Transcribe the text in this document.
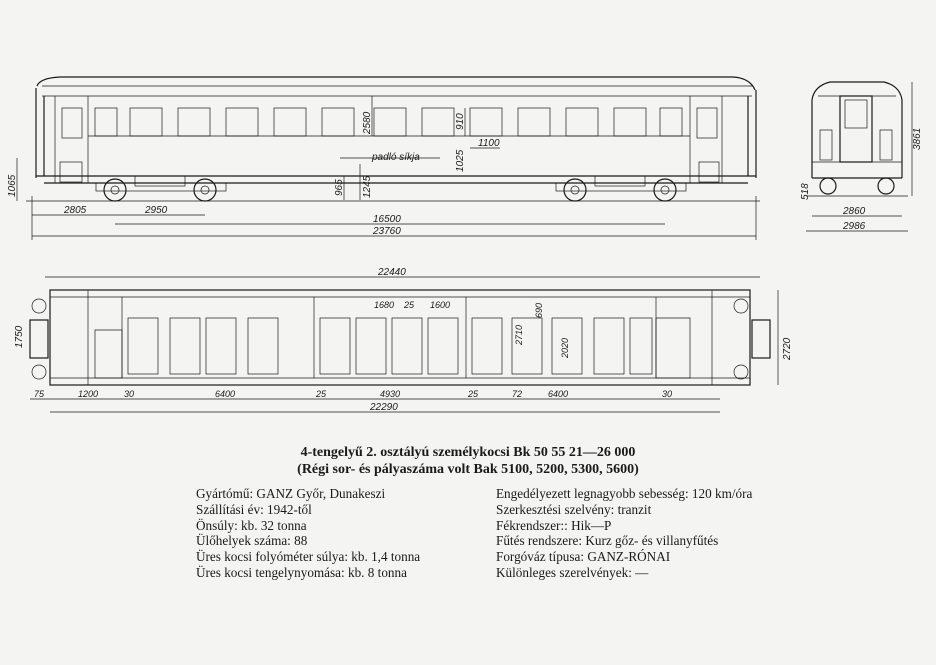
padló síkja
2580	910
1100
1025
965 1245
1065
2805	2950
16500
23760
3861
518
2860
2986
22440
1680 25 1600
2710
2020
690
1750
2720
75	1200	30	6400	25	4930	25	72	6400	30
22290
4-tengelyű 2. osztályú személykocsi Bk 50 55 21—26 000
(Régi sor- és pályaszáma volt Bak 5100, 5200, 5300, 5600)
Gyártómű: GANZ Győr, Dunakeszi
Szállítási év: 1942-től
Önsúly: kb. 32 tonna
Ülőhelyek száma: 88
Üres kocsi folyóméter súlya: kb. 1,4 tonna
Üres kocsi tengelynyomása: kb. 8 tonna
Engedélyezett legnagyobb sebesség: 120 km/óra
Szerkesztési szelvény: tranzit
Fékrendszer:: Hik—P
Fűtés rendszere: Kurz gőz- és villanyfűtés
Forgóváz típusa: GANZ-RÓNAI
Különleges szerelvények: —
